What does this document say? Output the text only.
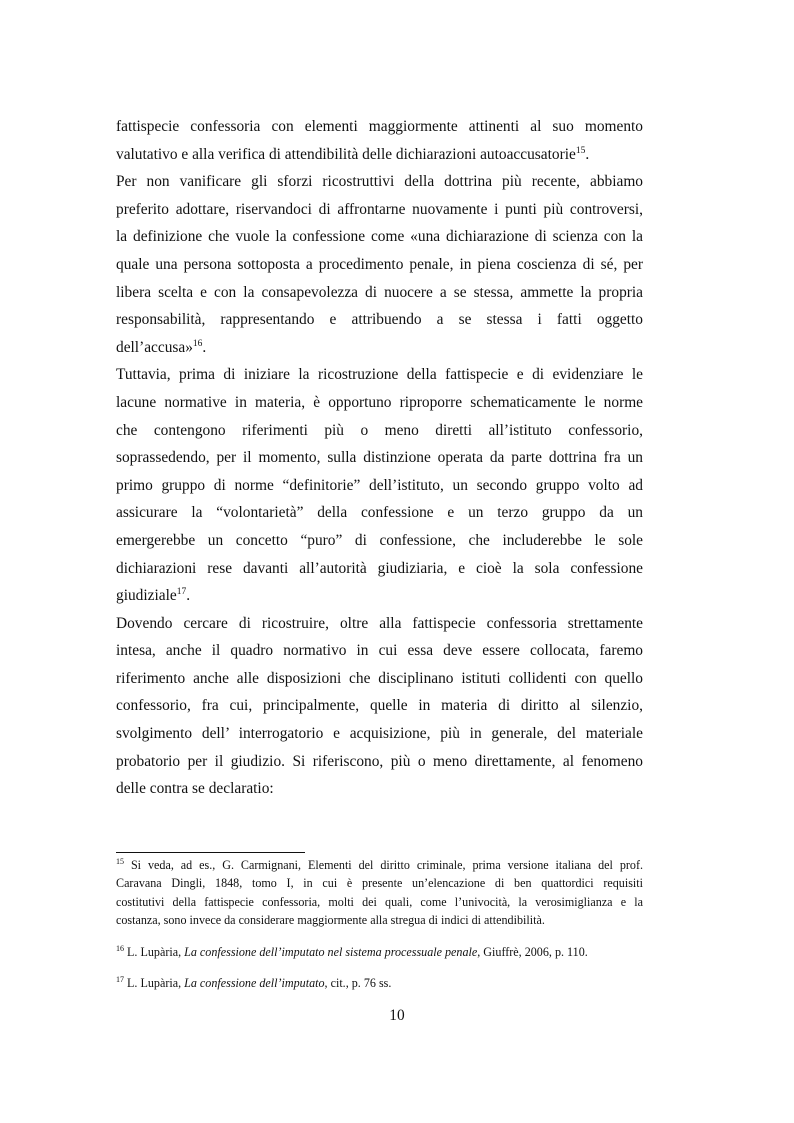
fattispecie confessoria con elementi maggiormente attinenti al suo momento
valutativo e alla verifica di attendibilità delle dichiarazioni autoaccusatorie$^{15}$.
Per non vanificare gli sforzi ricostruttivi della dottrina più recente, abbiamo
preferito adottare, riservandoci di affrontarne nuovamente i punti più controversi,
la definizione che vuole la confessione come «una dichiarazione di scienza con la
quale una persona sottoposta a procedimento penale, in piena coscienza di sé, per
libera scelta e con la consapevolezza di nuocere a se stessa, ammette la propria
responsabilità, rappresentando e attribuendo a se stessa i fatti oggetto
dell’accusa»$^{16}$.
Tuttavia, prima di iniziare la ricostruzione della fattispecie e di evidenziare le
lacune normative in materia, è opportuno riproporre schematicamente le norme
che contengono riferimenti più o meno diretti all’istituto confessorio,
soprassedendo, per il momento, sulla distinzione operata da parte dottrina fra un
primo gruppo di norme “definitorie” dell’istituto, un secondo gruppo volto ad
assicurare la “volontarietà” della confessione e un terzo gruppo da un
emergerebbe un concetto “puro” di confessione, che includerebbe le sole
dichiarazioni rese davanti all’autorità giudiziaria, e cioè la sola confessione
giudiziale$^{17}$.
Dovendo cercare di ricostruire, oltre alla fattispecie confessoria strettamente
intesa, anche il quadro normativo in cui essa deve essere collocata, faremo
riferimento anche alle disposizioni che disciplinano istituti collidenti con quello
confessorio, fra cui, principalmente, quelle in materia di diritto al silenzio,
svolgimento dell’ interrogatorio e acquisizione, più in generale, del materiale
probatorio per il giudizio. Si riferiscono, più o meno direttamente, al fenomeno
delle contra se declaratio:
$^{15}$ Si veda, ad es., G. Carmignani, Elementi del diritto criminale, prima versione italiana del prof.
Caravana Dingli, 1848, tomo I, in cui è presente un’elencazione di ben quattordici requisiti
costitutivi della fattispecie confessoria, molti dei quali, come l’univocità, la verosimiglianza e la
costanza, sono invece da considerare maggiormente alla stregua di indici di attendibilità.
$^{16}$ L. Lupària, La confessione dell’imputato nel sistema processuale penale, Giuffrè, 2006, p. 110.
$^{17}$ L. Lupària, La confessione dell’imputato, cit., p. 76 ss.
10
